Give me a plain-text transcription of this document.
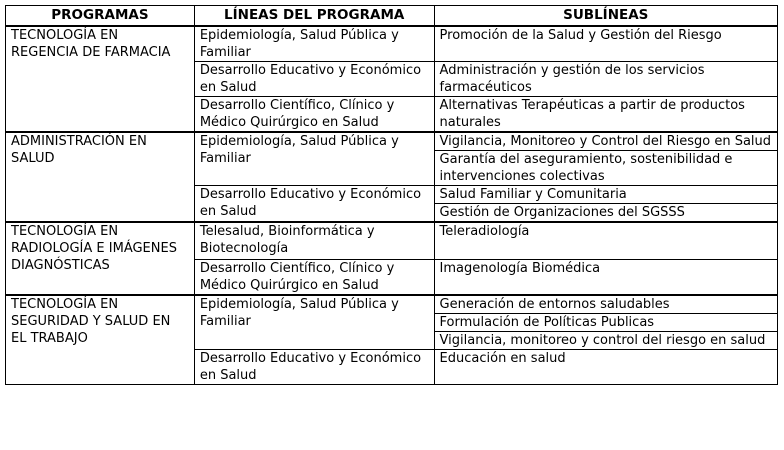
PROGRAMAS	LÍNEAS DEL PROGRAMA	SUBLÍNEAS
TECNOLOGÍA EN REGENCIA DE FARMACIA	Epidemiología, Salud Pública y Familiar	Promoción de la Salud y Gestión del Riesgo
	Desarrollo Educativo y Económico en Salud	Administración y gestión de los servicios farmacéuticos
	Desarrollo Científico, Clínico y Médico Quirúrgico en Salud	Alternativas Terapéuticas a partir de productos naturales
ADMINISTRACIÓN EN SALUD	Epidemiología, Salud Pública y Familiar	Vigilancia, Monitoreo y Control del Riesgo en Salud
		Garantía del aseguramiento, sostenibilidad e intervenciones colectivas
	Desarrollo Educativo y Económico en Salud	Salud Familiar y Comunitaria
		Gestión de Organizaciones del SGSSS
TECNOLOGÍA EN RADIOLOGÍA E IMÁGENES DIAGNÓSTICAS	Telesalud, Bioinformática y Biotecnología	Teleradiología
	Desarrollo Científico, Clínico y Médico Quirúrgico en Salud	Imagenología Biomédica
TECNOLOGÍA EN SEGURIDAD Y SALUD EN EL TRABAJO	Epidemiología, Salud Pública y Familiar	Generación de entornos saludables
		Formulación de Políticas Publicas
		Vigilancia, monitoreo y control del riesgo en salud
	Desarrollo Educativo y Económico en Salud	Educación en salud
